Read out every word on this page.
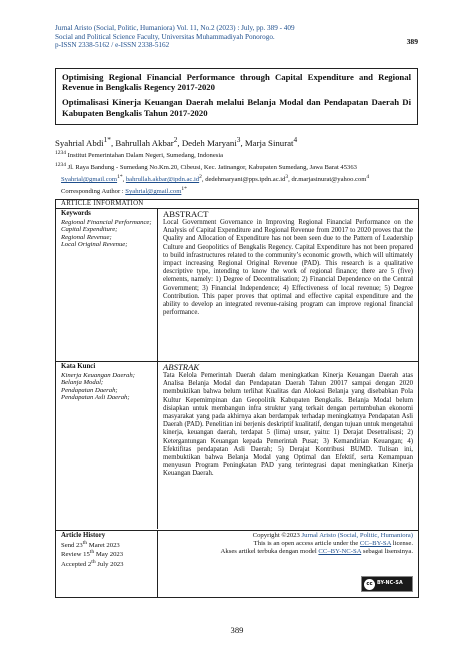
Jurnal Aristo (Social, Politic, Humaniora) Vol. 11, No.2 (2023) : July, pp. 389 - 409
Social and Political Science Faculty, Universitas Muhammadiyah Ponorogo.
p-ISSN 2338-5162 / e-ISSN 2338-5162	389
Optimising Regional Financial Performance through Capital Expenditure and Regional Revenue in Bengkalis Regency 2017-2020
Optimalisasi Kinerja Keuangan Daerah melalui Belanja Modal dan Pendapatan Daerah Di Kabupaten Bengkalis Tahun 2017-2020
Syahrial Abdi$^{1*}$, Bahrullah Akbar$^2$, Dedeh Maryani$^3$, Marja Sinurat$^4$
$^{1234}$ Institut Pemerintahan Dalam Negeri, Sumedang, Indonesia
$^{1234}$ Jl. Raya Bandung - Sumedang No.Km.20, Cibeusi, Kec. Jatinangor, Kabupaten Sumedang, Jawa Barat 45363
Syahrial@gmail.com$^{1*}$, $bahrullah.akbar@ipdn.ac.id^2$, $dedehmaryani@pps.ipdn.ac.id^3$, dr.marjasinurat@yahoo.com$^4$
Corresponding Author : Syahrial@gmail.com$^{1*}$
ARTICLE INFORMATION
Keywords
Regional Financial Performance;
Capital Expenditure;
Regional Revenue;
Local Original Revenue;
ABSTRACT
Local Government Governance in Improving Regional Financial Performance on the Analysis of Capital Expenditure and Regional Revenue from 20017 to 2020 proves that the Quality and Allocation of Expenditure has not been seen due to the Pattern of Leadership Culture and Geopolitics of Bengkalis Regency. Capital Expenditure has not been prepared to build infrastructures related to the community’s economic growth, which will ultimately impact increasing Regional Original Revenue (PAD). This research is a qualitative descriptive type, intending to know the work of regional finance; there are 5 (five) elements, namely: 1) Degree of Decentralisation; 2) Financial Dependence on the Central Government; 3) Financial Independence; 4) Effectiveness of local revenue; 5) Degree Contribution. This paper proves that optimal and effective capital expenditure and the ability to develop an integrated revenue-raising program can improve regional financial performance.
Kata Kunci
Kinerja Keuangan Daerah;
Belanja Modal;
Pendapatan Daerah;
Pendapatan Asli Daerah;
ABSTRAK
Tata Kelola Pemerintah Daerah dalam meningkatkan Kinerja Keuangan Daerah atas Analisa Belanja Modal dan Pendapatan Daerah Tahun 20017 sampai dengan 2020 membuktikan bahwa belum terlihat Kualitas dan Alokasi Belanja yang disebabkan Pola Kultur Kepemimpinan dan Geopolitik Kabupaten Bengkalis. Belanja Modal belum disiapkan untuk membangun infra struktur yang terkait dengan pertumbuhan ekonomi masyarakat yang pada akhirnya akan berdampak terhadap meningkatnya Pendapatan Asli Daerah (PAD). Penelitian ini berjenis deskriptif kualitatif, dengan tujuan untuk mengetahui kinerja, keuangan daerah, terdapat 5 (lima) unsur, yaitu: 1) Derajat Desetralisasi; 2) Ketergantungan Keuangan kepada Pemerintah Pusat; 3) Kemandirian Keuangan; 4) Efektifitas pendapatan Asli Daerah; 5) Derajat Kontribusi BUMD. Tulisan ini, membuktikan bahwa Belanja Modal yang Optimal dan Efektif, serta Kemampuan menyusun Program Peningkatan PAD yang terintegrasi dapat meningkatkan Kinerja Keuangan Daerah.
Article History
Send 23th Maret 2023
Review 15th May 2023
Accepted 2th July 2023
Copyright ©2023 Jurnal Aristo (Social, Politic, Humaniora)
This is an open access article under the CC–BY-SA license.
Akses artikel terbuka dengan model CC–BY-NC-SA sebagai lisensinya.
cc BY-NC-SA
389
